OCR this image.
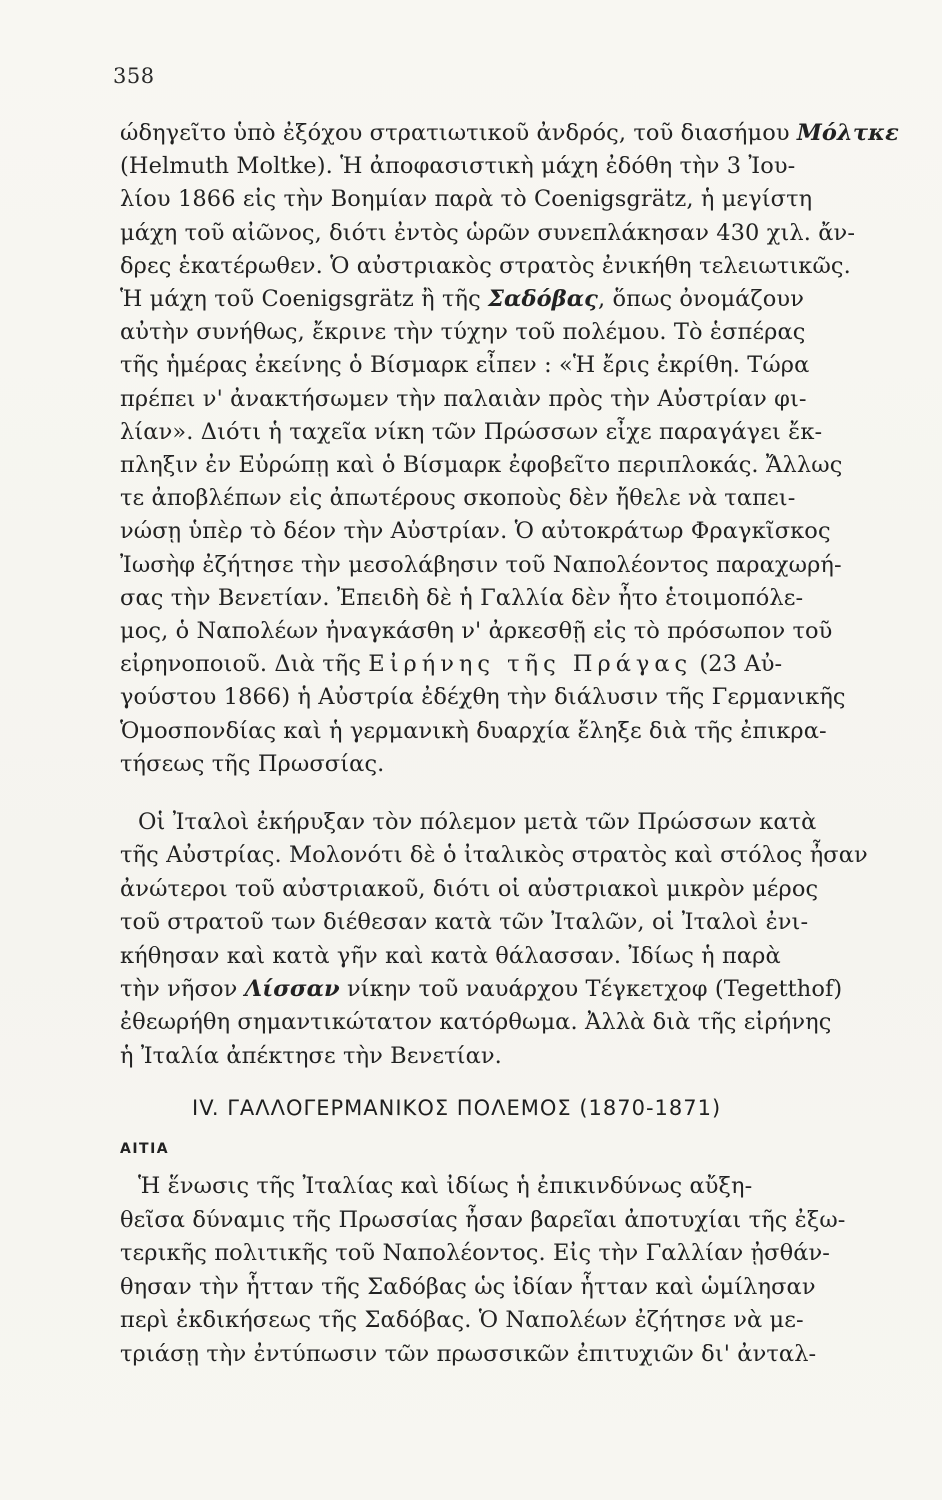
358
ώδηγεῖτο ὑπὸ ἐξόχου στρατιωτικοῦ ἀνδρός, τοῦ διασήμου Μόλτκε
(Helmuth Moltke). Ἡ ἀποφασιστικὴ μάχη ἐδόθη τὴν 3 Ἰου-
λίου 1866 εἰς τὴν Βοημίαν παρὰ τὸ Coenigsgrätz, ἡ μεγίστη
μάχη τοῦ αἰῶνος, διότι ἐντὸς ὡρῶν συνεπλάκησαν 430 χιλ. ἄν-
δρες ἑκατέρωθεν. Ὁ αὐστριακὸς στρατὸς ἐνικήθη τελειωτικῶς.
Ἡ μάχη τοῦ Coenigsgrätz ἢ τῆς Σαδόβας, ὅπως ὀνομάζουν
αὐτὴν συνήθως, ἔκρινε τὴν τύχην τοῦ πολέμου. Τὸ ἑσπέρας
τῆς ἡμέρας ἐκείνης ὁ Βίσμαρκ εἶπεν : «Ἡ ἔρις ἐκρίθη. Τώρα
πρέπει ν' ἀνακτήσωμεν τὴν παλαιὰν πρὸς τὴν Αὐστρίαν φι-
λίαν». Διότι ἡ ταχεῖα νίκη τῶν Πρώσσων εἶχε παραγάγει ἔκ-
πληξιν ἐν Εὐρώπῃ καὶ ὁ Βίσμαρκ ἐφοβεῖτο περιπλοκάς. Ἄλλως
τε ἀποβλέπων εἰς ἀπωτέρους σκοποὺς δὲν ἤθελε νὰ ταπει-
νώσῃ ὑπὲρ τὸ δέον τὴν Αὐστρίαν. Ὁ αὐτοκράτωρ Φραγκῖσκος
Ἰωσὴφ ἐζήτησε τὴν μεσολάβησιν τοῦ Ναπολέοντος παραχωρή-
σας τὴν Βενετίαν. Ἐπειδὴ δὲ ἡ Γαλλία δὲν ἦτο ἑτοιμοπόλε-
μος, ὁ Ναπολέων ἠναγκάσθη ν' ἀρκεσθῇ εἰς τὸ πρόσωπον τοῦ
εἰρηνοποιοῦ. Διὰ τῆς Εἰρήνης τῆς Πράγας (23 Αὐ-
γούστου 1866) ἡ Αὐστρία ἐδέχθη τὴν διάλυσιν τῆς Γερμανικῆς
Ὁμοσπονδίας καὶ ἡ γερμανικὴ δυαρχία ἔληξε διὰ τῆς ἐπικρα-
τήσεως τῆς Πρωσσίας.
Οἱ Ἰταλοὶ ἐκήρυξαν τὸν πόλεμον μετὰ τῶν Πρώσσων κατὰ
τῆς Αὐστρίας. Μολονότι δὲ ὁ ἰταλικὸς στρατὸς καὶ στόλος ἦσαν
ἀνώτεροι τοῦ αὐστριακοῦ, διότι οἱ αὐστριακοὶ μικρὸν μέρος
τοῦ στρατοῦ των διέθεσαν κατὰ τῶν Ἰταλῶν, οἱ Ἰταλοὶ ἐνι-
κήθησαν καὶ κατὰ γῆν καὶ κατὰ θάλασσαν. Ἰδίως ἡ παρὰ
τὴν νῆσον Λίσσαν νίκην τοῦ ναυάρχου Τέγκετχοφ (Tegetthof)
ἐθεωρήθη σημαντικώτατον κατόρθωμα. Ἀλλὰ διὰ τῆς εἰρήνης
ἡ Ἰταλία ἀπέκτησε τὴν Βενετίαν.
IV. ΓΑΛΛΟΓΕΡΜΑΝΙΚΟΣ ΠΟΛΕΜΟΣ (1870-1871)
ΑΙΤΙΑ
Ἡ ἕνωσις τῆς Ἰταλίας καὶ ἰδίως ἡ ἐπικινδύνως αὔξη-
θεῖσα δύναμις τῆς Πρωσσίας ἦσαν βαρεῖαι ἀποτυχίαι τῆς ἐξω-
τερικῆς πολιτικῆς τοῦ Ναπολέοντος. Εἰς τὴν Γαλλίαν ᾐσθάν-
θησαν τὴν ἧτταν τῆς Σαδόβας ὡς ἰδίαν ἧτταν καὶ ὡμίλησαν
περὶ ἐκδικήσεως τῆς Σαδόβας. Ὁ Ναπολέων ἐζήτησε νὰ με-
τριάσῃ τὴν ἐντύπωσιν τῶν πρωσσικῶν ἐπιτυχιῶν δι' ἀνταλ-
